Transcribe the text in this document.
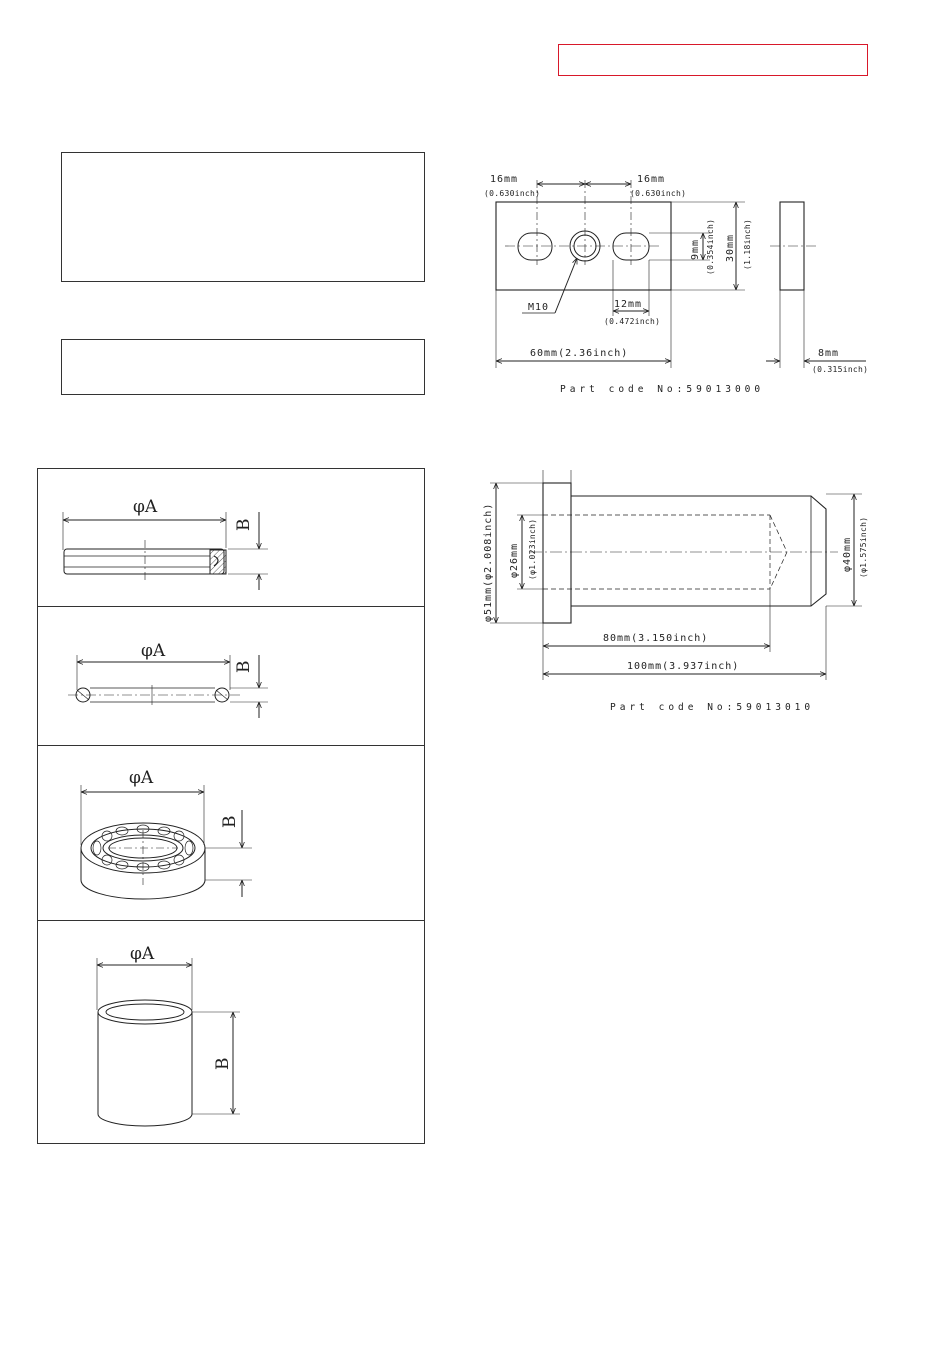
φA
B
φA
B
φA
B
φA
B
16mm
(0.630inch)
16mm
(0.630inch)
9mm (0.354inch) 30mm (1.18inch)
M10	12mm
(0.472inch)
60mm(2.36inch)	8mm
(0.315inch)
Part code No:59013000
φ51mm(φ2.008inch) φ26mm (φ1.023inch)	φ40mm (φ1.575inch)
80mm(3.150inch)
100mm(3.937inch)
Part code No:59013010
